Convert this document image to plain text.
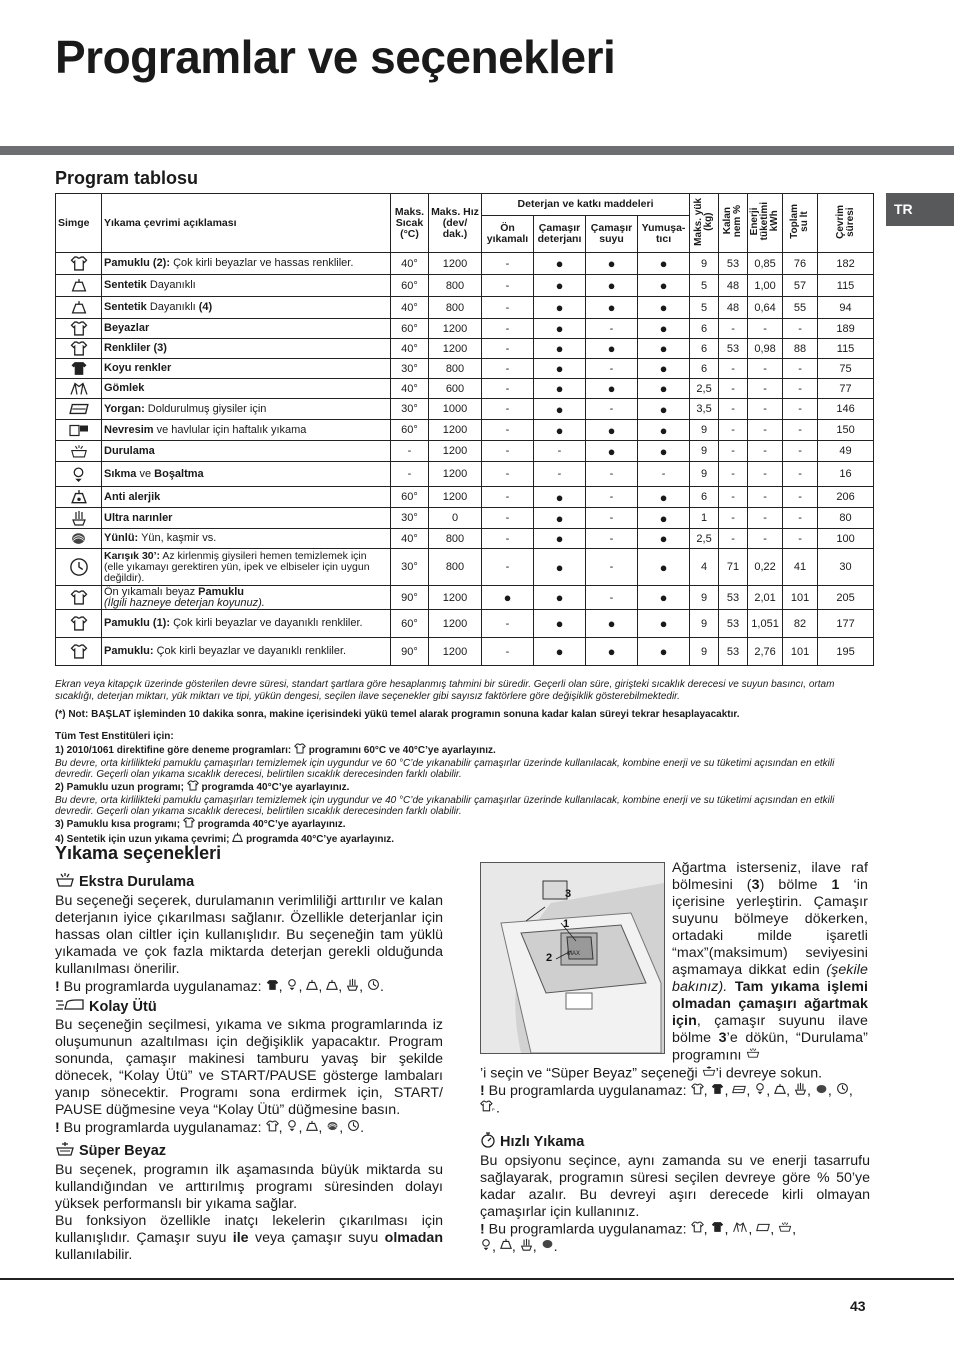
Programlar ve seçenekleri
TR
Program tablosu
Simge	Yıkama çevrimi açıklaması	Maks. Sıcak (°C)	Maks. Hız (dev/ dak.)	Deterjan ve katkı maddeleri				Maks. yük
(kg)	Kalan
nem %	Enerji
tüketimi
kWh	Toplam
su lt	Çevrim
süresi
				Ön yıkamalı	Çamaşır deterjanı	Çamaşır suyu	Yumuşa-tıcı					

	Pamuklu (2): Çok kirli beyazlar ve hassas renkliler.	40°	1200	-	●	●	●	9	53	0,85	76	182

	Sentetik Dayanıklı	60°	800	-	●	●	●	5	48	1,00	57	115

	Sentetik Dayanıklı (4)	40°	800	-	●	●	●	5	48	0,64	55	94

	Beyazlar	60°	1200	-	●	-	●	6	-	-	-	189

	Renkliler (3)	40°	1200	-	●	●	●	6	53	0,98	88	115

	Koyu renkler	30°	800	-	●	-	●	6	-	-	-	75

	Gömlek	40°	600	-	●	●	●	2,5	-	-	-	77

	Yorgan: Doldurulmuş giysiler için	30°	1000	-	●	-	●	3,5	-	-	-	146

	Nevresim ve havlular için haftalık yıkama	60°	1200	-	●	●	●	9	-	-	-	150

	Durulama	-	1200	-	-	●	●	9	-	-	-	49

	Sıkma ve Boşaltma	-	1200	-	-	-	-	9	-	-	-	16

	Anti alerjik	60°	1200	-	●	-	●	6	-	-	-	206

	Ultra narınler	30°	0	-	●	-	●	1	-	-	-	80

	Yünlü: Yün, kaşmir vs.	40°	800	-	●	-	●	2,5	-	-	-	100

	Karışık 30’: Az kirlenmiş giysileri hemen temizlemek için (elle yıkamayı gerektiren yün, ipek ve elbiseler için uygun değildir).	30°	800	-	●	-	●	4	71	0,22	41	30

	Ön yıkamalı beyaz Pamuklu
(İlgili hazneye deterjan koyunuz).	90°	1200	●	●	-	●	9	53	2,01	101	205

	Pamuklu (1): Çok kirli beyazlar ve dayanıklı renkliler.	60°	1200	-	●	●	●	9	53	1,051	82	177

	Pamuklu: Çok kirli beyazlar ve dayanıklı renkliler.	90°	1200	-	●	●	●	9	53	2,76	101	195

Ekran veya kitapçık üzerinde gösterilen devre süresi, standart şartlara göre hesaplanmış tahmini bir süredir. Geçerli olan süre, girişteki sıcaklık derecesi ve suyun basıncı, ortam sıcaklığı, deterjan miktarı, yük miktarı ve tipi, yükün dengesi, seçilen ilave seçenekler gibi sayısız faktörlere göre değişiklik gösterebilmektedir.

(*) Not: BAŞLAT işleminden 10 dakika sonra, makine içerisindeki yükü temel alarak programın sonuna kadar kalan süreyi tekrar hesaplayacaktır.

Tüm Test Enstitüleri için:

1) 2010/1061 direktifine göre deneme programları:  programını 60°C ve 40°C’ye ayarlayınız.

Bu devre, orta kirlilikteki pamuklu çamaşırları temizlemek için uygundur ve 60 °C’de yıkanabilir çamaşırlar üzerinde kullanılacak, kombine enerji ve su tüketimi açısından en etkili devredir. Geçerli olan yıkama sıcaklık derecesi, belirtilen sıcaklık derecesinden farklı olabilir.

2) Pamuklu uzun programı;  programda 40°C’ye ayarlayınız.

Bu devre, orta kirlilikteki pamuklu çamaşırları temizlemek için uygundur ve 40 °C’de yıkanabilir çamaşırlar üzerinde kullanılacak, kombine enerji ve su tüketimi açısından en etkili devredir. Geçerli olan yıkama sıcaklık derecesi, belirtilen sıcaklık derecesinden farklı olabilir.

3) Pamuklu kısa programı;  programda 40°C’ye ayarlayınız.

4) Sentetik için uzun yıkama çevrimi;  programda 40°C’ye ayarlayınız.

Yıkama seçenekleri
Ekstra Durulama

Bu seçeneği seçerek, durulamanın verimliliği arttırılır ve kalan deterjanın iyice çıkarılması sağlanır. Özellikle deterjanlar için hassas olan ciltler için kullanışlıdır. Bu seçeneğin tam yüklü yıkamada ve çok fazla miktarda deterjan gerekli olduğunda kullanılması önerilir.

! Bu programlarda uygulanamaz: , , , , , .

Kolay Ütü

Bu seçeneğin seçilmesi, yıkama ve sıkma programlarında iz oluşumunun azaltılması için değişiklik yapacaktır. Program sonunda, çamaşır makinesi tamburu yavaş bir şekilde dönecek, “Kolay Ütü” ve START/PAUSE gösterge lambaları yanıp sönecektir. Programı sona erdirmek için, START/ PAUSE düğmesine veya “Kolay Ütü” düğmesine basın.

! Bu programlarda uygulanamaz: , , , , .

Süper Beyaz

Bu seçenek, programın ilk aşamasında büyük miktarda su kullandığından ve arttırılmış programı süresinden dolayı yüksek performanslı bir yıkama sağlar.

Bu fonksiyon özellikle inatçı lekelerin çıkarılması için kullanışlıdır. Çamaşır suyu ile veya çamaşır suyu olmadan kullanılabilir.

MAX
3
1
2
Ağartma isterseniz, ilave raf bölmesini (3) bölme 1 ‘in içerisine yerleştirin. Çamaşır suyunu bölmeye dökerken, ortadaki milde işaretli “max”(maksimum) seviyesini aşmamaya dikkat edin (şekile bakınız). Tam yıkama işlemi olmadan çamaşırı ağartmak için, çamaşır suyunu ilave bölme 3’e dökün, “Durulama” programını

’i seçin ve “Süper Beyaz” seçeneği ’i devreye sokun.

! Bu programlarda uygulanamaz: , , , , , , , ,
P .

Hızlı Yıkama

Bu opsiyonu seçince, aynı zamanda su ve enerji tasarrufu sağlayarak, programın süresi seçilen devreye göre % 50’ye kadar azalır. Bu devreyi aşırı derecede kirli olmayan çamaşırlar için kullanınız.

! Bu programlarda uygulanamaz: , , , , ,
, , , .

43
